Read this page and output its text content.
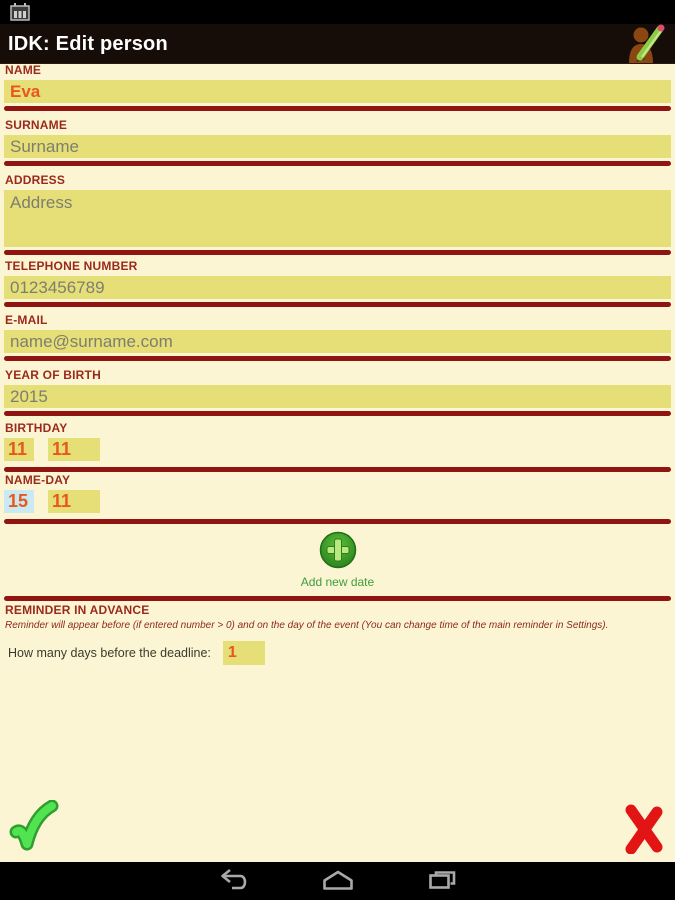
IDK: Edit person
NAME
Eva
SURNAME
Surname
ADDRESS
Address
TELEPHONE NUMBER
0123456789
E-MAIL
name@surname.com
YEAR OF BIRTH
2015
BIRTHDAY
11
11
NAME-DAY
15
11
Add new date
REMINDER IN ADVANCE
Reminder will appear before (if entered number > 0) and on the day of the event (You can change time of the main reminder in Settings).
How many days before the deadline:
1
